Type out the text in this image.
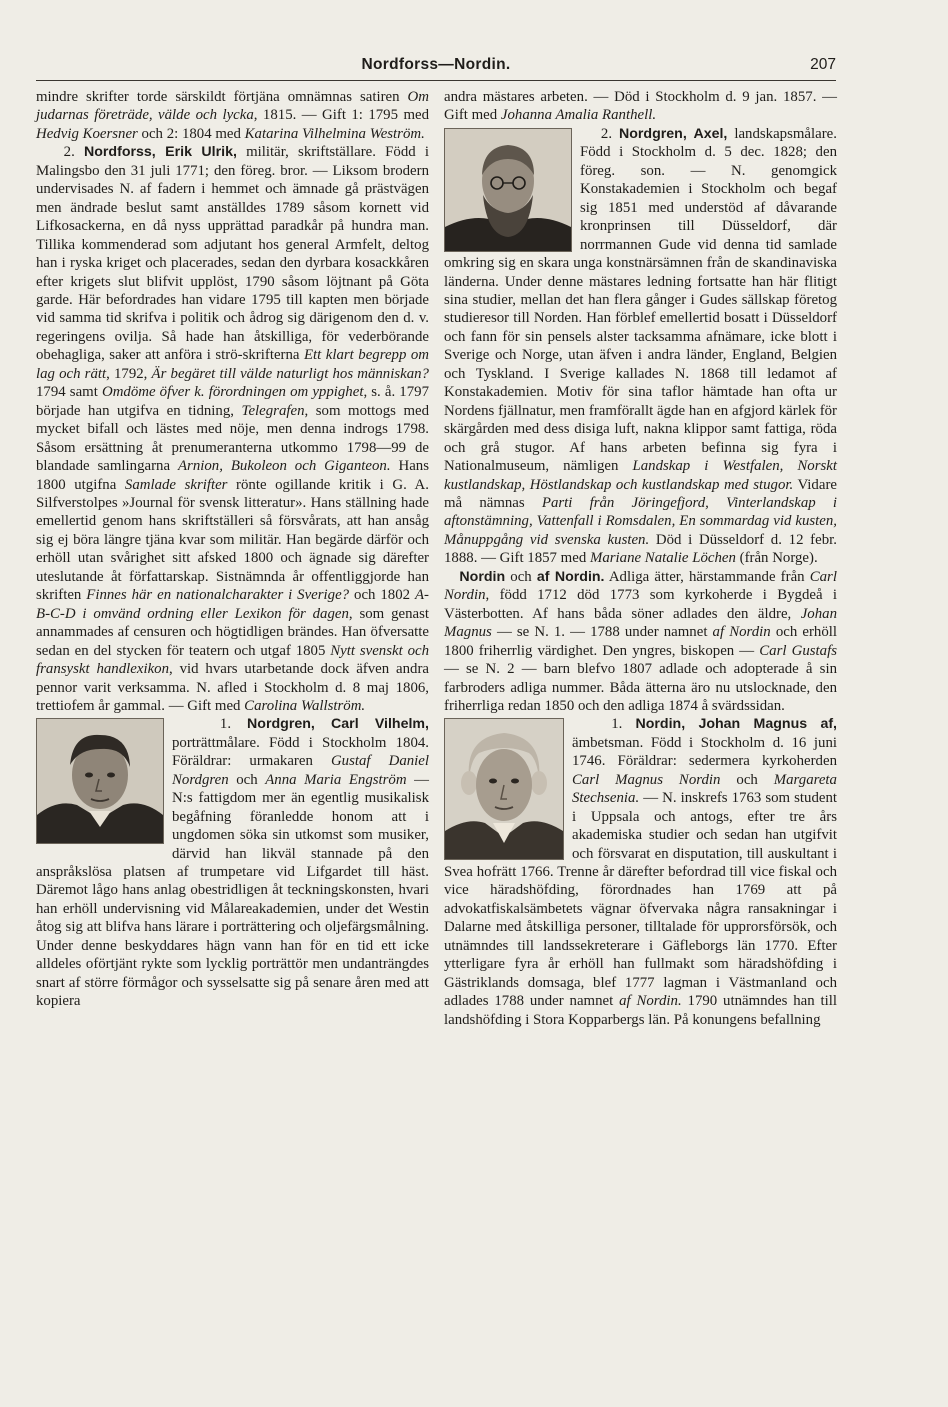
Nordforss—Nordin.	207

mindre skrifter torde särskildt förtjäna omnämnas satiren Om judarnas företräde, välde och lycka, 1815. — Gift 1: 1795 med Hedvig Koersner och 2: 1804 med Katarina Vilhelmina Weström.

2. Nordforss, Erik Ulrik, militär, skriftställare. Född i Malingsbo den 31 juli 1771; den föreg. bror. — Liksom brodern undervisades N. af fadern i hemmet och ämnade gå prästvägen men ändrade beslut samt anställdes 1789 såsom kornett vid Lifkosackerna, en då nyss upprättad paradkår på hundra man. Tillika kommenderad som adjutant hos general Armfelt, deltog han i ryska kriget och placerades, sedan den dyrbara kosackkåren efter krigets slut blifvit upplöst, 1790 såsom löjtnant på Göta garde. Här befordrades han vidare 1795 till kapten men började vid samma tid skrifva i politik och ådrog sig därigenom den d. v. regeringens ovilja. Så hade han åtskilliga, för vederbörande obehagliga, saker att anföra i strö-skrifterna Ett klart begrepp om lag och rätt, 1792, Är begäret till välde naturligt hos människan? 1794 samt Omdöme öfver k. förordningen om yppighet, s. å. 1797 började han utgifva en tidning, Telegrafen, som mottogs med mycket bifall och lästes med nöje, men denna indrogs 1798. Såsom ersättning åt prenumeranterna utkommo 1798—99 de blandade samlingarna Arnion, Bukoleon och Giganteon. Hans 1800 utgifna Samlade skrifter rönte ogillande kritik i G. A. Silfverstolpes »Journal för svensk litteratur». Hans ställning hade emellertid genom hans skriftställeri så försvårats, att han ansåg sig ej böra längre tjäna kvar som militär. Han begärde därför och erhöll utan svårighet sitt afsked 1800 och ägnade sig därefter uteslutande åt författarskap. Sistnämnda år offentliggjorde han skriften Finnes här en nationalcharakter i Sverige? och 1802 A-B-C-D i omvänd ordning eller Lexikon för dagen, som genast annammades af censuren och högtidligen brändes. Han öfversatte sedan en del stycken för teatern och utgaf 1805 Nytt svenskt och fransyskt handlexikon, vid hvars utarbetande dock äfven andra pennor varit verksamma. N. afled i Stockholm d. 8 maj 1806, trettiofem år gammal. — Gift med Carolina Wallström.

1. Nordgren, Carl Vilhelm,
porträttmålare. Född i Stockholm 1804. Föräldrar: urmakaren Gustaf Daniel Nordgren och Anna Maria Engström — N:s fattigdom mer än egentlig musikalisk begåfning föranledde honom att i ungdomen söka sin utkomst som musiker, därvid han likväl stannade på den anspråkslösa platsen af trumpetare vid Lifgardet till häst. Däremot lågo hans anlag obestridligen åt teckningskonsten, hvari han erhöll undervisning vid Målareakademien, under det Westin åtog sig att blifva hans lärare i porträttering och oljefärgsmålning. Under denne beskyddares hägn vann han för en tid ett icke alldeles oförtjänt rykte som lycklig porträttör men undanträngdes snart af större förmågor och sysselsatte sig på senare åren med att kopiera

andra mästares arbeten. — Död i Stockholm d. 9 jan. 1857. — Gift med Johanna Amalia Ranthell.

2. Nordgren, Axel, landskapsmålare. Född i Stockholm d. 5 dec. 1828; den föreg. son. — N. genomgick Konstakademien i Stockholm och begaf sig 1851 med understöd af dåvarande kronprinsen till Düsseldorf, där norrmannen Gude vid denna tid samlade omkring sig en skara unga konstnärsämnen från de skandinaviska länderna. Under denne mästares ledning fortsatte han här flitigt sina studier, mellan det han flera gånger i Gudes sällskap företog studieresor till Norden. Han förblef emellertid bosatt i Düsseldorf och fann för sin pensels alster tacksamma afnämare, icke blott i Sverige och Norge, utan äfven i andra länder, England, Belgien och Tyskland. I Sverige kallades N. 1868 till ledamot af Konstakademien. Motiv för sina taflor hämtade han ofta ur Nordens fjällnatur, men framförallt ägde han en afgjord kärlek för skärgården med dess disiga luft, nakna klippor samt fattiga, röda och grå stugor. Af hans arbeten befinna sig fyra i Nationalmuseum, nämligen Landskap i Westfalen, Norskt kustlandskap, Höstlandskap och kustlandskap med stugor. Vidare må nämnas Parti från Jöringefjord, Vinterlandskap i aftonstämning, Vattenfall i Romsdalen, En sommardag vid kusten, Månuppgång vid svenska kusten. Död i Düsseldorf d. 12 febr. 1888. — Gift 1857 med Mariane Natalie Löchen (från Norge).

Nordin och af Nordin. Adliga ätter, härstammande från Carl Nordin, född 1712 död 1773 som kyrkoherde i Bygdeå i Västerbotten. Af hans båda söner adlades den äldre, Johan Magnus — se N. 1. — 1788 under namnet af Nordin och erhöll 1800 friherrlig värdighet. Den yngres, biskopen — Carl Gustafs — se N. 2 — barn blefvo 1807 adlade och adopterade å sin farbroders adliga nummer. Båda ätterna äro nu utslocknade, den friherrliga redan 1850 och den adliga 1874 å svärdssidan.

1. Nordin, Johan Magnus af,
ämbetsman. Född i Stockholm d. 16 juni 1746. Föräldrar: sedermera kyrkoherden Carl Magnus Nordin och Margareta Stechsenia. — N. inskrefs 1763 som student i Uppsala och antogs, efter tre års akademiska studier och sedan han utgifvit och försvarat en disputation, till auskultant i Svea hofrätt 1766. Trenne år därefter befordrad till vice fiskal och vice häradshöfding, förordnades han 1769 att på advokatfiskalsämbetets vägnar öfvervaka några ransakningar i Dalarne med åtskilliga personer, tilltalade för upprorsförsök, och utnämndes till landssekreterare i Gäfleborgs län 1770. Efter ytterligare fyra år erhöll han fullmakt som häradshöfding i Gästriklands domsaga, blef 1777 lagman i Västmanland och adlades 1788 under namnet af Nordin. 1790 utnämndes han till landshöfding i Stora Kopparbergs län. På konungens befallning
